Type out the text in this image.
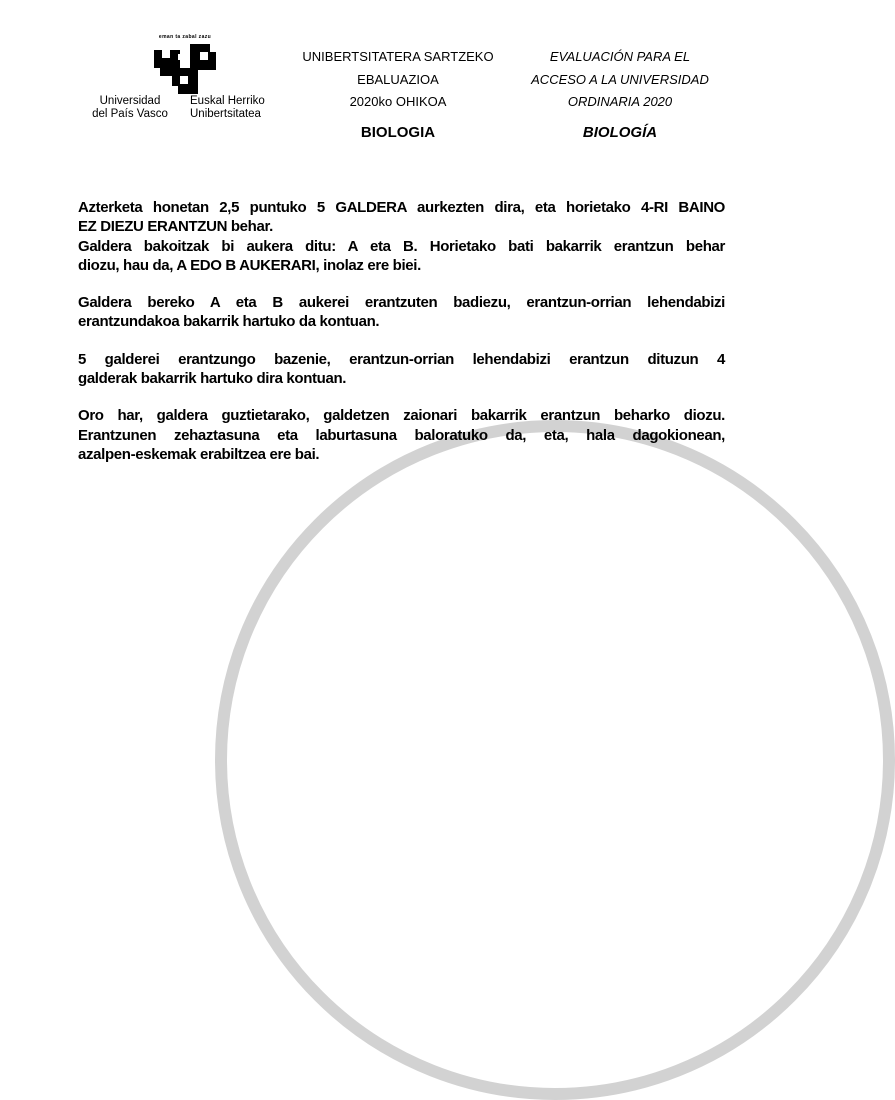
eman ta zabal zazu
Universidad
del País Vasco
Euskal Herriko
Unibertsitatea
UNIBERTSITATERA SARTZEKO
EBALUAZIOA
2020ko OHIKOA
BIOLOGIA
EVALUACIÓN PARA EL
ACCESO A LA UNIVERSIDAD
ORDINARIA 2020
BIOLOGÍA
Azterketa honetan 2,5 puntuko 5 GALDERA aurkezten dira, eta horietako 4-RI BAINO
EZ DIEZU ERANTZUN behar.
Galdera bakoitzak bi aukera ditu: A eta B. Horietako bati bakarrik erantzun behar
diozu, hau da, A EDO B AUKERARI, inolaz ere biei.
Galdera bereko A eta B aukerei erantzuten badiezu, erantzun-orrian lehendabizi
erantzundakoa bakarrik hartuko da kontuan.
5 galderei erantzungo bazenie, erantzun-orrian lehendabizi erantzun dituzun 4
galderak bakarrik hartuko dira kontuan.
Oro har, galdera guztietarako, galdetzen zaionari bakarrik erantzun beharko diozu.
Erantzunen zehaztasuna eta laburtasuna baloratuko da, eta, hala dagokionean,
azalpen-eskemak erabiltzea ere bai.
